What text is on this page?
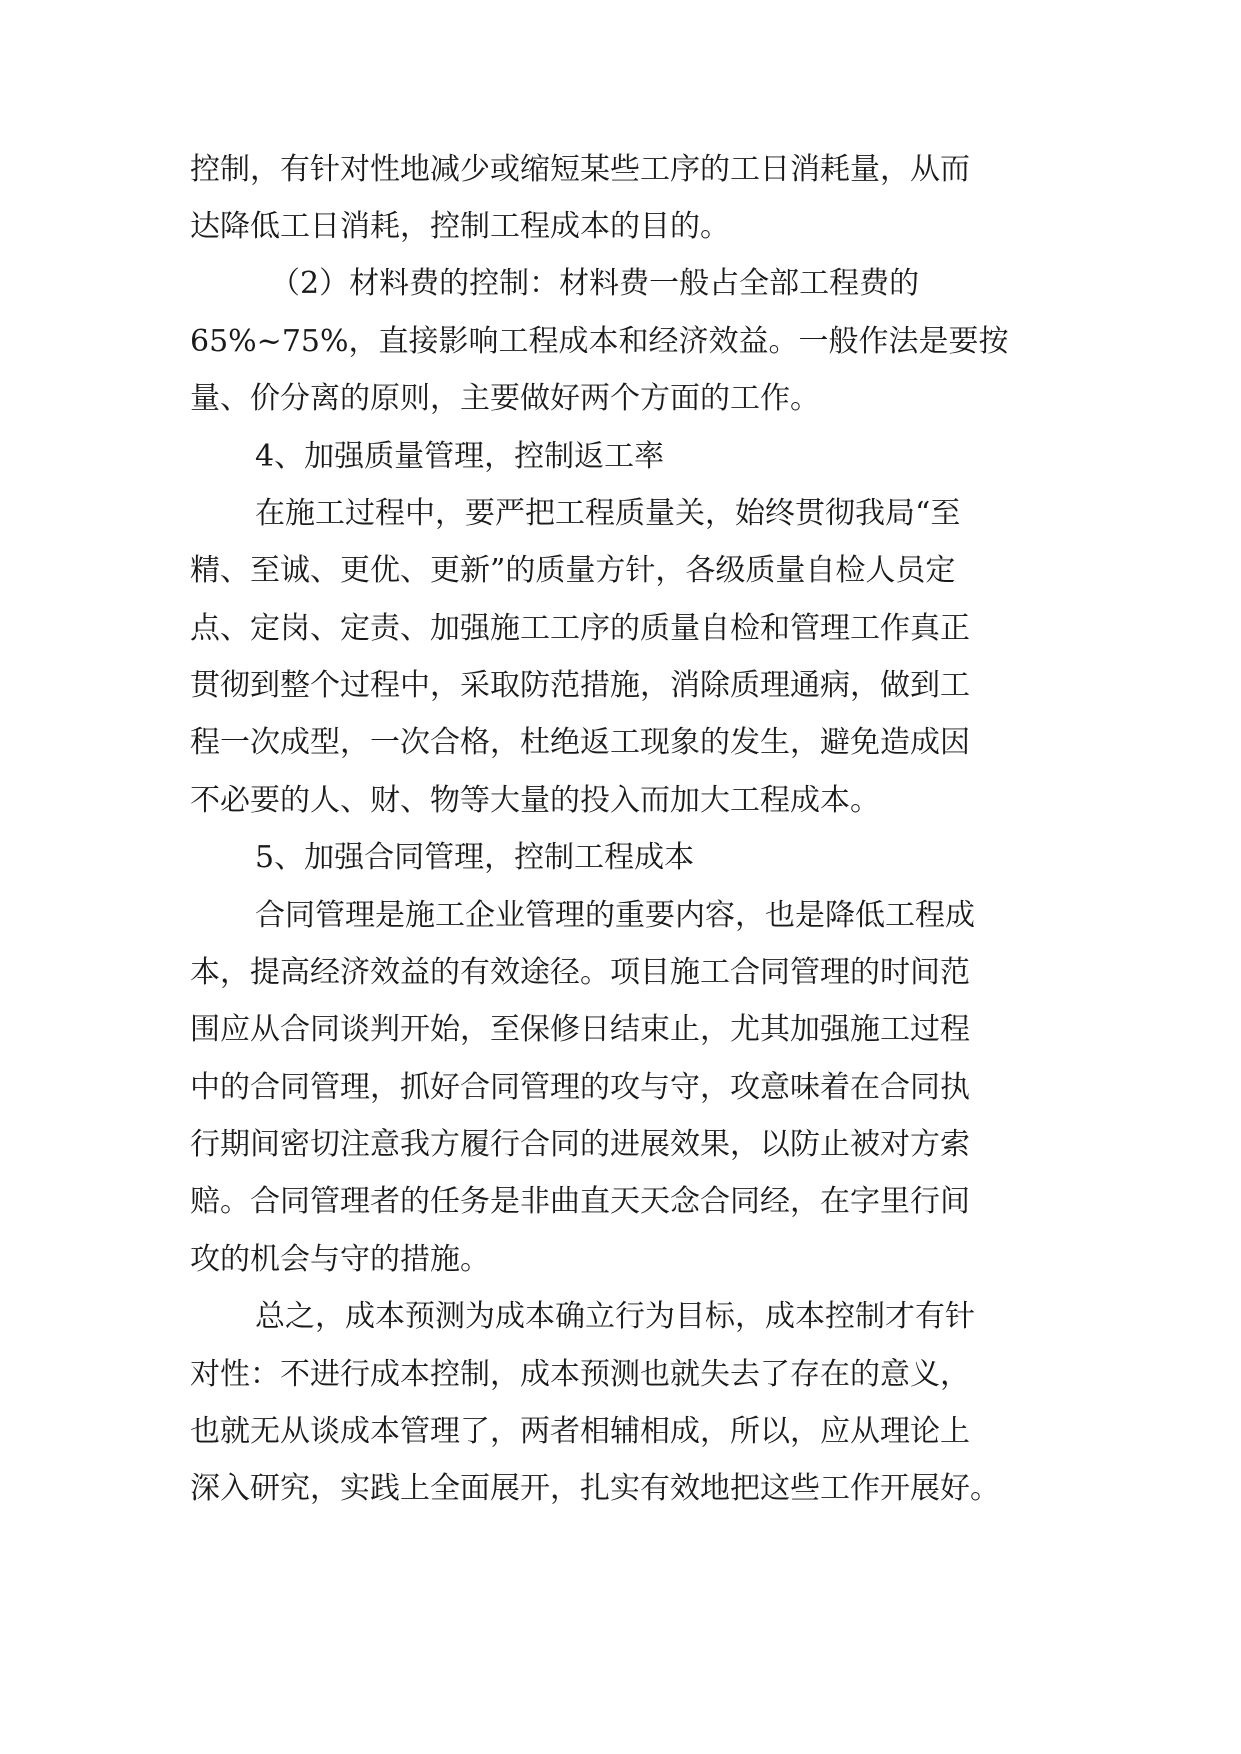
控制，有针对性地减少或缩短某些工序的工日消耗量，从而
达降低工日消耗，控制工程成本的目的。
（2）材料费的控制：材料费一般占全部工程费的
65%~75%，直接影响工程成本和经济效益。一般作法是要按
量、价分离的原则，主要做好两个方面的工作。
4、加强质量管理，控制返工率
在施工过程中，要严把工程质量关，始终贯彻我局“至
精、至诚、更优、更新”的质量方针，各级质量自检人员定
点、定岗、定责、加强施工工序的质量自检和管理工作真正
贯彻到整个过程中，采取防范措施，消除质理通病，做到工
程一次成型，一次合格，杜绝返工现象的发生，避免造成因
不必要的人、财、物等大量的投入而加大工程成本。
5、加强合同管理，控制工程成本
合同管理是施工企业管理的重要内容，也是降低工程成
本，提高经济效益的有效途径。项目施工合同管理的时间范
围应从合同谈判开始，至保修日结束止，尤其加强施工过程
中的合同管理，抓好合同管理的攻与守，攻意味着在合同执
行期间密切注意我方履行合同的进展效果，以防止被对方索
赔。合同管理者的任务是非曲直天天念合同经，在字里行间
攻的机会与守的措施。
总之，成本预测为成本确立行为目标，成本控制才有针
对性：不进行成本控制，成本预测也就失去了存在的意义，
也就无从谈成本管理了，两者相辅相成，所以，应从理论上
深入研究，实践上全面展开，扎实有效地把这些工作开展好。
